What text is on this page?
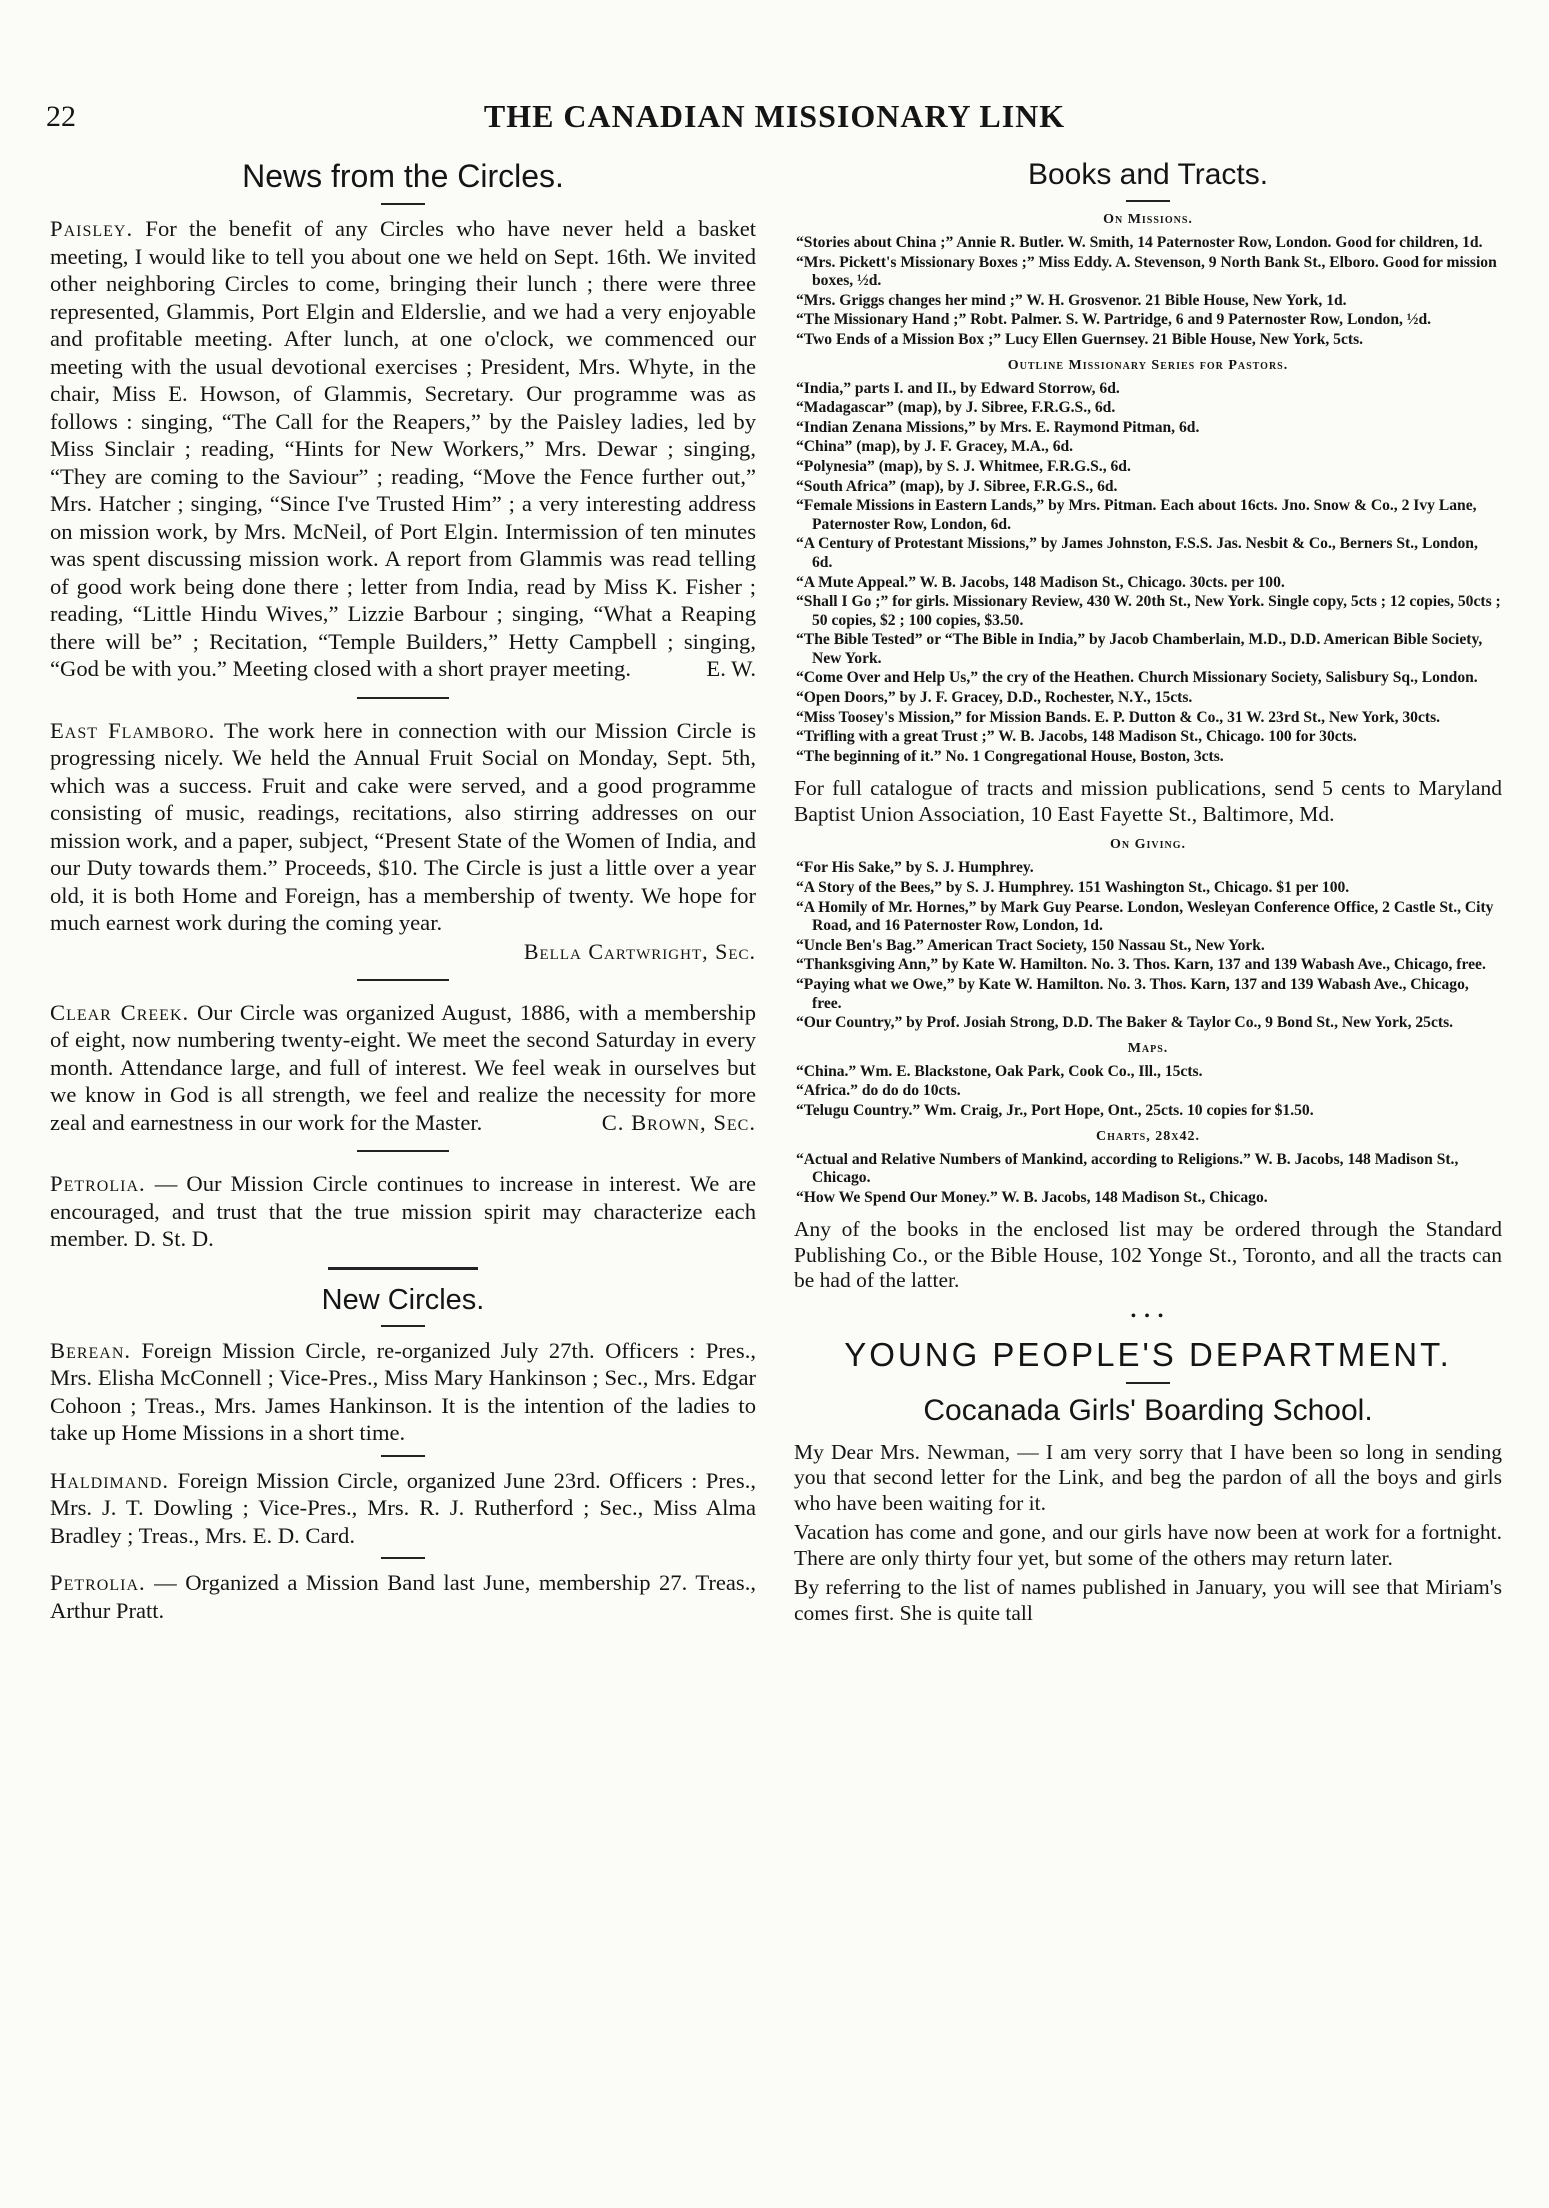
22	THE CANADIAN MISSIONARY LINK
News from the Circles.
Paisley. For the benefit of any Circles who have never held a basket meeting, I would like to tell you about one we held on Sept. 16th. We invited other neighboring Circles to come, bringing their lunch ; there were three represented, Glammis, Port Elgin and Elderslie, and we had a very enjoyable and profitable meeting. After lunch, at one o'clock, we commenced our meeting with the usual devotional exercises ; President, Mrs. Whyte, in the chair, Miss E. Howson, of Glammis, Secretary. Our programme was as follows : singing, “The Call for the Reapers,” by the Paisley ladies, led by Miss Sinclair ; reading, “Hints for New Workers,” Mrs. Dewar ; singing, “They are coming to the Saviour” ; reading, “Move the Fence further out,” Mrs. Hatcher ; singing, “Since I've Trusted Him” ; a very interesting address on mission work, by Mrs. McNeil, of Port Elgin. Intermission of ten minutes was spent discussing mission work. A report from Glammis was read telling of good work being done there ; letter from India, read by Miss K. Fisher ; reading, “Little Hindu Wives,” Lizzie Barbour ; singing, “What a Reaping there will be” ; Recitation, “Temple Builders,” Hetty Campbell ; singing, “God be with you.” Meeting closed with a short prayer meeting.	E. W.
East Flamboro. The work here in connection with our Mission Circle is progressing nicely. We held the Annual Fruit Social on Monday, Sept. 5th, which was a success. Fruit and cake were served, and a good programme consisting of music, readings, recitations, also stirring addresses on our mission work, and a paper, subject, “Present State of the Women of India, and our Duty towards them.” Proceeds, $10. The Circle is just a little over a year old, it is both Home and Foreign, has a membership of twenty. We hope for much earnest work during the coming year.
Bella Cartwright, Sec.
Clear Creek. Our Circle was organized August, 1886, with a membership of eight, now numbering twenty-eight. We meet the second Saturday in every month. Attendance large, and full of interest. We feel weak in ourselves but we know in God is all strength, we feel and realize the necessity for more zeal and earnestness in our work for the Master.	C. Brown, Sec.
Petrolia. — Our Mission Circle continues to increase in interest. We are encouraged, and trust that the true mission spirit may characterize each member. D. St. D.
New Circles.
Berean. Foreign Mission Circle, re-organized July 27th. Officers : Pres., Mrs. Elisha McConnell ; Vice-Pres., Miss Mary Hankinson ; Sec., Mrs. Edgar Cohoon ; Treas., Mrs. James Hankinson. It is the intention of the ladies to take up Home Missions in a short time.
Haldimand. Foreign Mission Circle, organized June 23rd. Officers : Pres., Mrs. J. T. Dowling ; Vice-Pres., Mrs. R. J. Rutherford ; Sec., Miss Alma Bradley ; Treas., Mrs. E. D. Card.
Petrolia. — Organized a Mission Band last June, membership 27. Treas., Arthur Pratt.
Books and Tracts.
On Missions.
“Stories about China ;” Annie R. Butler. W. Smith, 14 Paternoster Row, London. Good for children, 1d.
“Mrs. Pickett's Missionary Boxes ;” Miss Eddy. A. Stevenson, 9 North Bank St., Elboro. Good for mission boxes, ½d.
“Mrs. Griggs changes her mind ;” W. H. Grosvenor. 21 Bible House, New York, 1d.
“The Missionary Hand ;” Robt. Palmer. S. W. Partridge, 6 and 9 Paternoster Row, London, ½d.
“Two Ends of a Mission Box ;” Lucy Ellen Guernsey. 21 Bible House, New York, 5cts.
Outline Missionary Series for Pastors.
“India,” parts I. and II., by Edward Storrow, 6d.
“Madagascar” (map), by J. Sibree, F.R.G.S., 6d.
“Indian Zenana Missions,” by Mrs. E. Raymond Pitman, 6d.
“China” (map), by J. F. Gracey, M.A., 6d.
“Polynesia” (map), by S. J. Whitmee, F.R.G.S., 6d.
“South Africa” (map), by J. Sibree, F.R.G.S., 6d.
“Female Missions in Eastern Lands,” by Mrs. Pitman. Each about 16cts. Jno. Snow & Co., 2 Ivy Lane, Paternoster Row, London, 6d.
“A Century of Protestant Missions,” by James Johnston, F.S.S. Jas. Nesbit & Co., Berners St., London, 6d.
“A Mute Appeal.” W. B. Jacobs, 148 Madison St., Chicago. 30cts. per 100.
“Shall I Go ;” for girls. Missionary Review, 430 W. 20th St., New York. Single copy, 5cts ; 12 copies, 50cts ; 50 copies, $2 ; 100 copies, $3.50.
“The Bible Tested” or “The Bible in India,” by Jacob Chamberlain, M.D., D.D. American Bible Society, New York.
“Come Over and Help Us,” the cry of the Heathen. Church Missionary Society, Salisbury Sq., London.
“Open Doors,” by J. F. Gracey, D.D., Rochester, N.Y., 15cts.
“Miss Toosey's Mission,” for Mission Bands. E. P. Dutton & Co., 31 W. 23rd St., New York, 30cts.
“Trifling with a great Trust ;” W. B. Jacobs, 148 Madison St., Chicago. 100 for 30cts.
“The beginning of it.” No. 1 Congregational House, Boston, 3cts.
For full catalogue of tracts and mission publications, send 5 cents to Maryland Baptist Union Association, 10 East Fayette St., Baltimore, Md.
On Giving.
“For His Sake,” by S. J. Humphrey.
“A Story of the Bees,” by S. J. Humphrey. 151 Washington St., Chicago. $1 per 100.
“A Homily of Mr. Hornes,” by Mark Guy Pearse. London, Wesleyan Conference Office, 2 Castle St., City Road, and 16 Paternoster Row, London, 1d.
“Uncle Ben's Bag.” American Tract Society, 150 Nassau St., New York.
“Thanksgiving Ann,” by Kate W. Hamilton. No. 3. Thos. Karn, 137 and 139 Wabash Ave., Chicago, free.
“Paying what we Owe,” by Kate W. Hamilton. No. 3. Thos. Karn, 137 and 139 Wabash Ave., Chicago, free.
“Our Country,” by Prof. Josiah Strong, D.D. The Baker & Taylor Co., 9 Bond St., New York, 25cts.
Maps.
“China.” Wm. E. Blackstone, Oak Park, Cook Co., Ill., 15cts.
“Africa.” do do do 10cts.
“Telugu Country.” Wm. Craig, Jr., Port Hope, Ont., 25cts. 10 copies for $1.50.
Charts, 28x42.
“Actual and Relative Numbers of Mankind, according to Religions.” W. B. Jacobs, 148 Madison St., Chicago.
“How We Spend Our Money.” W. B. Jacobs, 148 Madison St., Chicago.
Any of the books in the enclosed list may be ordered through the Standard Publishing Co., or the Bible House, 102 Yonge St., Toronto, and all the tracts can be had of the latter.
• • •
YOUNG PEOPLE'S DEPARTMENT.
Cocanada Girls' Boarding School.
My Dear Mrs. Newman, — I am very sorry that I have been so long in sending you that second letter for the Link, and beg the pardon of all the boys and girls who have been waiting for it.
Vacation has come and gone, and our girls have now been at work for a fortnight. There are only thirty four yet, but some of the others may return later.
By referring to the list of names published in January, you will see that Miriam's comes first. She is quite tall
